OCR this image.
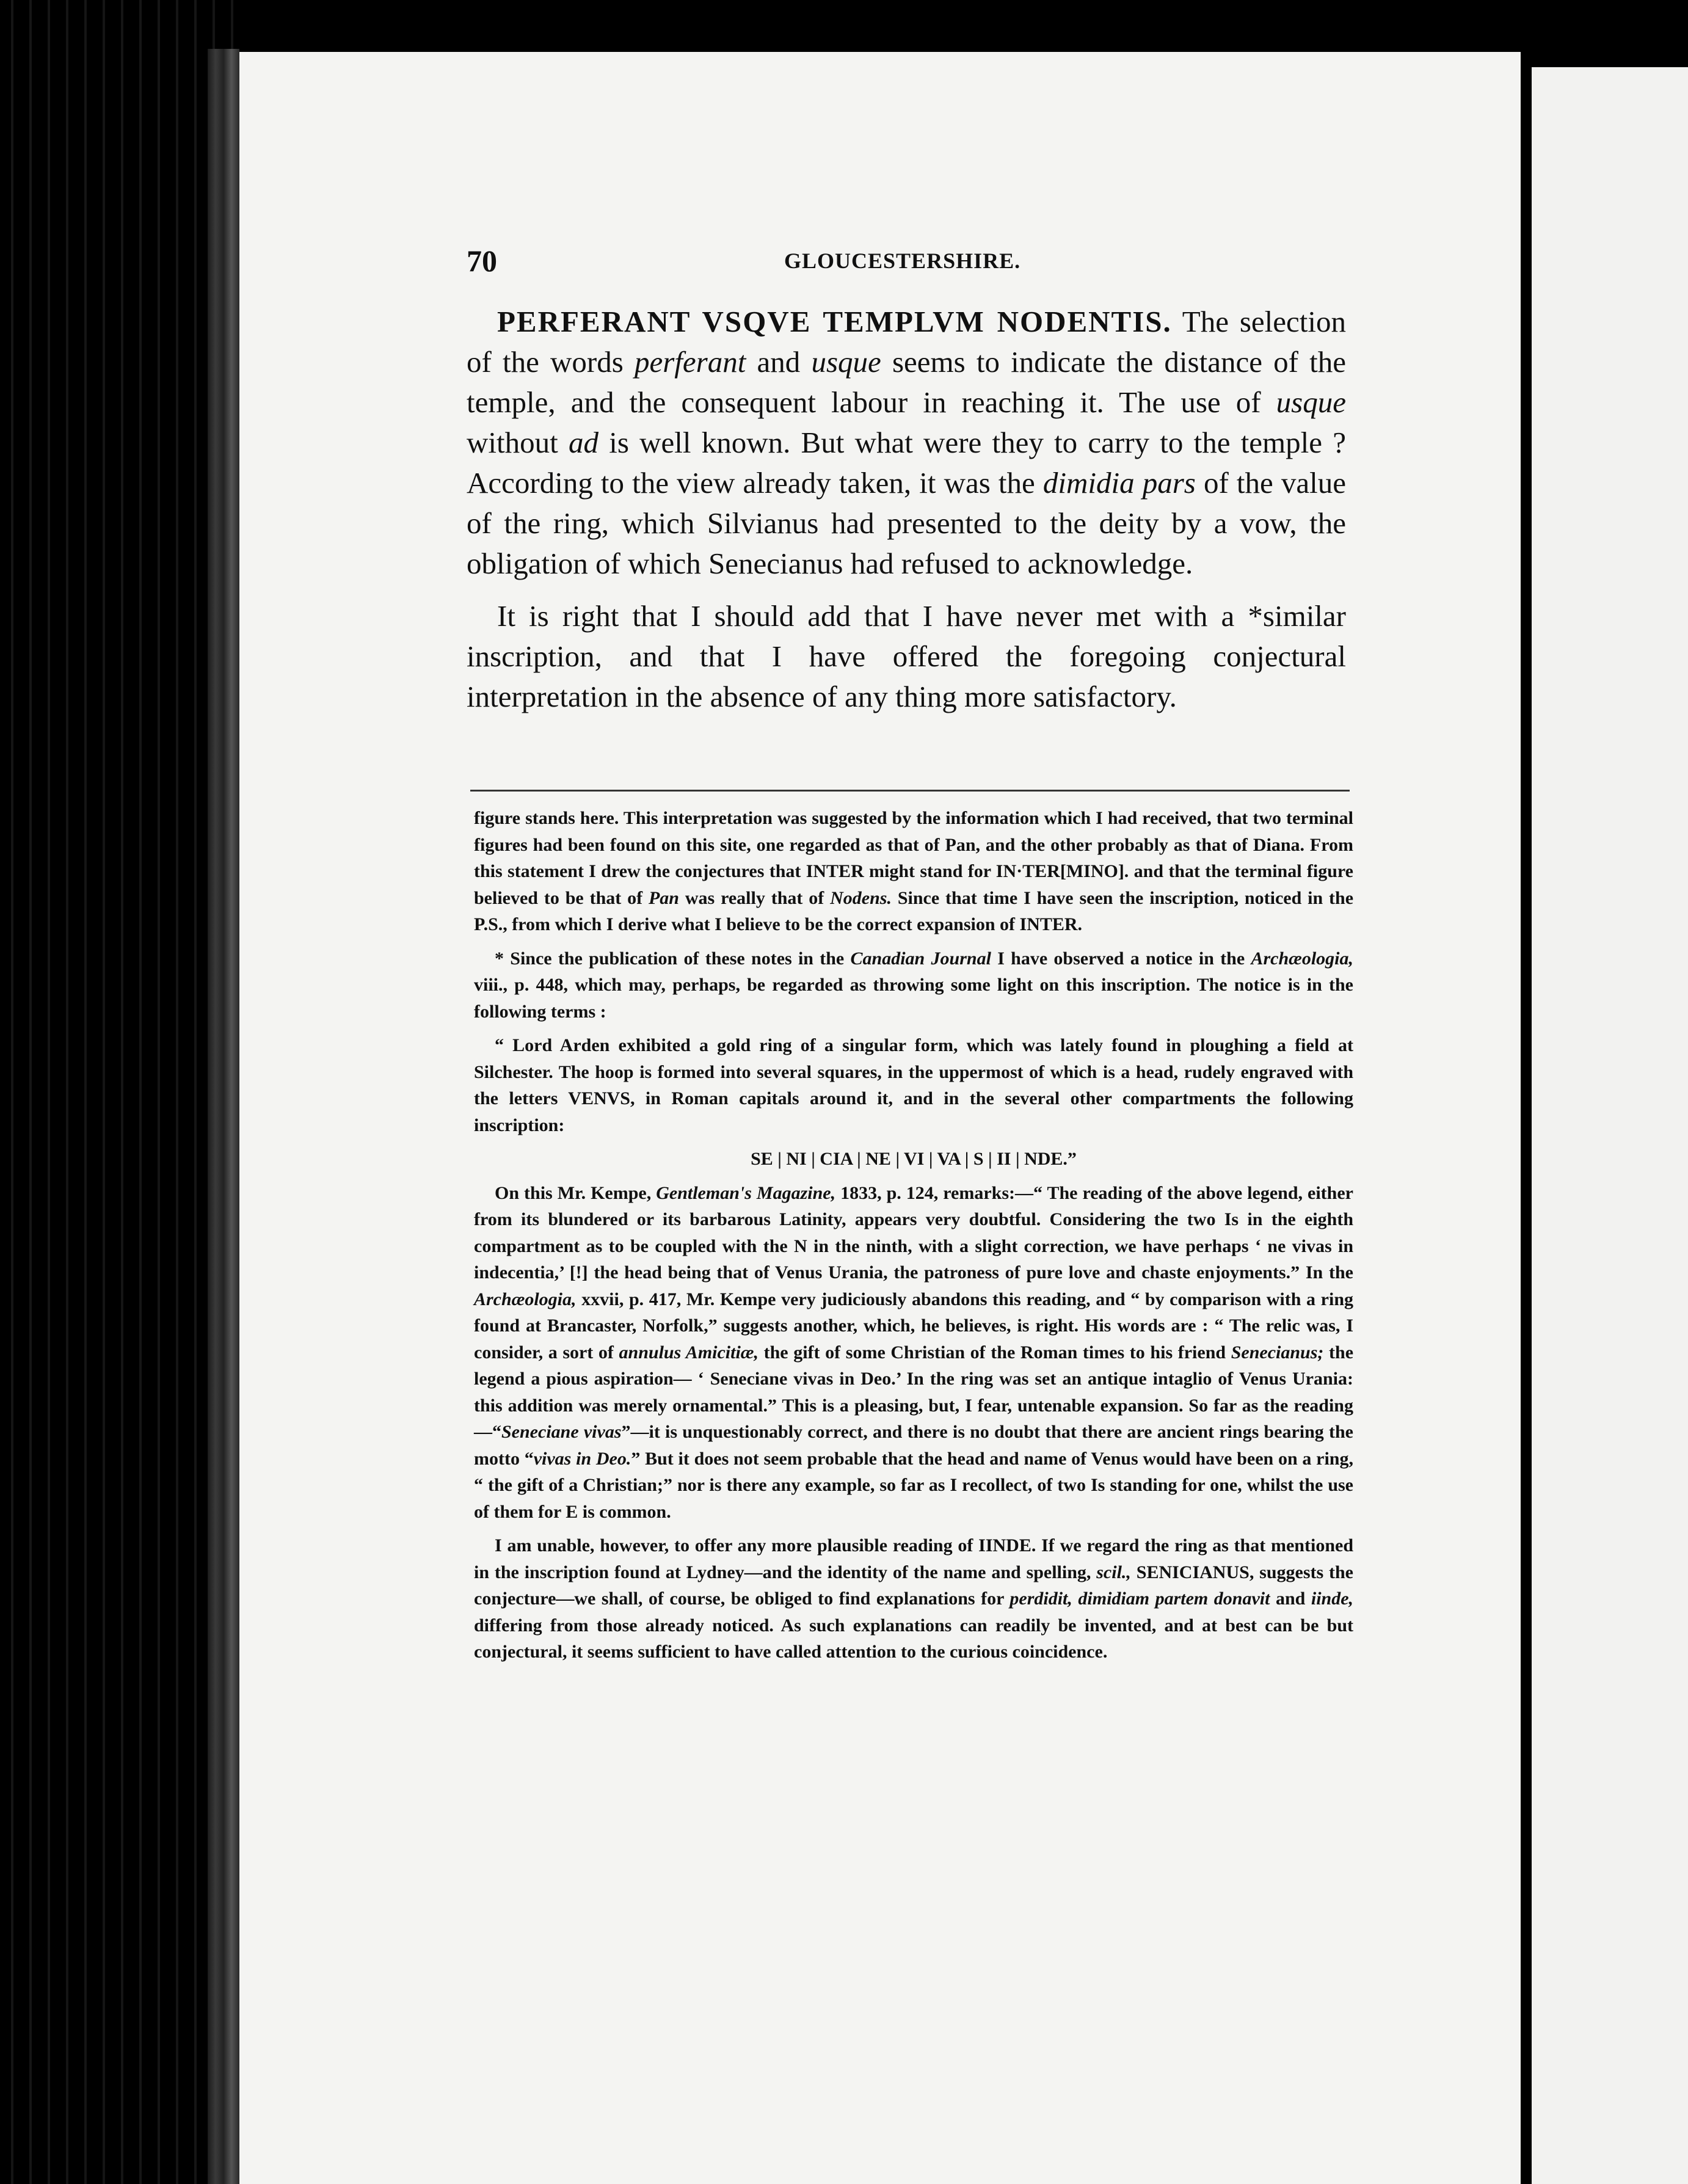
70	GLOUCESTERSHIRE.

PERFERANT VSQVE TEMPLVM NODENTIS. The selection of the words perferant and usque seems to indicate the distance of the temple, and the consequent labour in reaching it. The use of usque without ad is well known. But what were they to carry to the temple ? According to the view already taken, it was the dimidia pars of the value of the ring, which Silvianus had presented to the deity by a vow, the obligation of which Senecianus had refused to acknowledge.

It is right that I should add that I have never met with a *similar inscription, and that I have offered the foregoing conjectural interpretation in the absence of any thing more satisfactory.

figure stands here. This interpretation was suggested by the information which I had received, that two terminal figures had been found on this site, one regarded as that of Pan, and the other probably as that of Diana. From this statement I drew the conjectures that INTER might stand for IN·TER[MINO]. and that the terminal figure believed to be that of Pan was really that of Nodens. Since that time I have seen the inscription, noticed in the P.S., from which I derive what I believe to be the correct expansion of INTER.

* Since the publication of these notes in the Canadian Journal I have observed a notice in the Archæologia, viii., p. 448, which may, perhaps, be regarded as throwing some light on this inscription. The notice is in the following terms :

“ Lord Arden exhibited a gold ring of a singular form, which was lately found in ploughing a field at Silchester. The hoop is formed into several squares, in the uppermost of which is a head, rudely engraved with the letters VENVS, in Roman capitals around it, and in the several other compartments the following inscription:

SE | NI | CIA | NE | VI | VA | S | II | NDE.”

On this Mr. Kempe, Gentleman's Magazine, 1833, p. 124, remarks:—“ The reading of the above legend, either from its blundered or its barbarous Latinity, appears very doubtful. Considering the two Is in the eighth compartment as to be coupled with the N in the ninth, with a slight correction, we have perhaps ‘ ne vivas in indecentia,’ [!] the head being that of Venus Urania, the patroness of pure love and chaste enjoyments.” In the Archæologia, xxvii, p. 417, Mr. Kempe very judiciously abandons this reading, and “ by comparison with a ring found at Brancaster, Norfolk,” suggests another, which, he believes, is right. His words are : “ The relic was, I consider, a sort of annulus Amicitiæ, the gift of some Christian of the Roman times to his friend Senecianus; the legend a pious aspiration— ‘ Seneciane vivas in Deo.’ In the ring was set an antique intaglio of Venus Urania: this addition was merely ornamental.” This is a pleasing, but, I fear, untenable expansion. So far as the reading—“Seneciane vivas”—it is unquestionably correct, and there is no doubt that there are ancient rings bearing the motto “vivas in Deo.” But it does not seem probable that the head and name of Venus would have been on a ring, “ the gift of a Christian;” nor is there any example, so far as I recollect, of two Is standing for one, whilst the use of them for E is common.

I am unable, however, to offer any more plausible reading of IINDE. If we regard the ring as that mentioned in the inscription found at Lydney—and the identity of the name and spelling, scil., SENICIANUS, suggests the conjecture—we shall, of course, be obliged to find explanations for perdidit, dimidiam partem donavit and iinde, differing from those already noticed. As such explanations can readily be invented, and at best can be but conjectural, it seems sufficient to have called attention to the curious coincidence.
